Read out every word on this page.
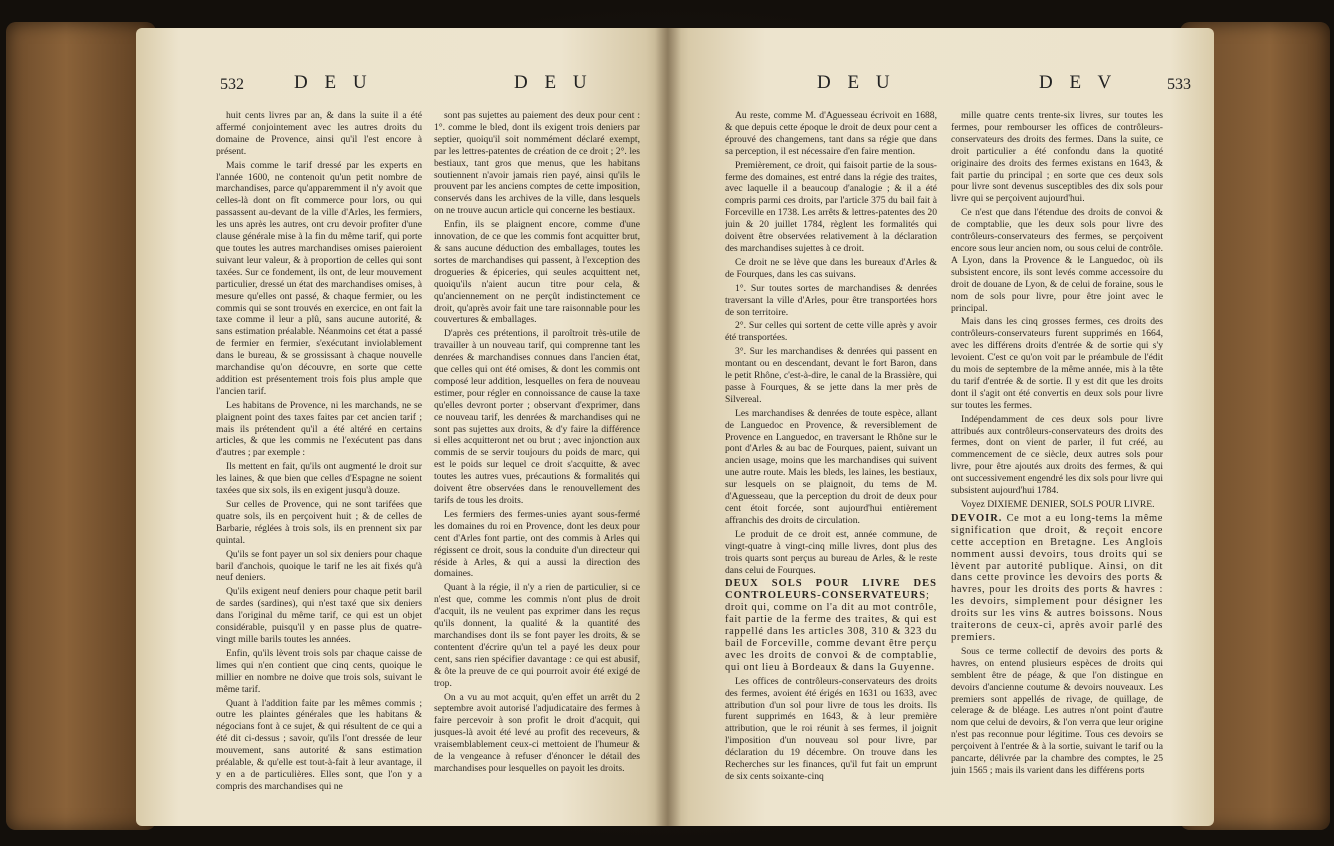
532	D E U	D E U

huit cents livres par an, & dans la suite il a été affermé conjointement avec les autres droits du domaine de Provence, ainsi qu'il l'est encore à présent.

Mais comme le tarif dressé par les experts en l'année 1600, ne contenoit qu'un petit nombre de marchandises, parce qu'apparemment il n'y avoit que celles-là dont on fît commerce pour lors, ou qui passassent au-devant de la ville d'Arles, les fermiers, les uns après les autres, ont cru devoir profiter d'une clause générale mise à la fin du même tarif, qui porte que toutes les autres marchandises omises paieroient suivant leur valeur, & à proportion de celles qui sont taxées. Sur ce fondement, ils ont, de leur mouvement particulier, dressé un état des marchandises omises, à mesure qu'elles ont passé, & chaque fermier, ou les commis qui se sont trouvés en exercice, en ont fait la taxe comme il leur a plû, sans aucune autorité, & sans estimation préalable. Néanmoins cet état a passé de fermier en fermier, s'exécutant inviolablement dans le bureau, & se grossissant à chaque nouvelle marchandise qu'on découvre, en sorte que cette addition est présentement trois fois plus ample que l'ancien tarif.

Les habitans de Provence, ni les marchands, ne se plaignent point des taxes faites par cet ancien tarif ; mais ils prétendent qu'il a été altéré en certains articles, & que les commis ne l'exécutent pas dans d'autres ; par exemple :

Ils mettent en fait, qu'ils ont augmenté le droit sur les laines, & que bien que celles d'Espagne ne soient taxées que six sols, ils en exigent jusqu'à douze.

Sur celles de Provence, qui ne sont tarifées que quatre sols, ils en perçoivent huit ; & de celles de Barbarie, réglées à trois sols, ils en prennent six par quintal.

Qu'ils se font payer un sol six deniers pour chaque baril d'anchois, quoique le tarif ne les ait fixés qu'à neuf deniers.

Qu'ils exigent neuf deniers pour chaque petit baril de sardes (sardines), qui n'est taxé que six deniers dans l'original du même tarif, ce qui est un objet considérable, puisqu'il y en passe plus de quatre-vingt mille barils toutes les années.

Enfin, qu'ils lèvent trois sols par chaque caisse de limes qui n'en contient que cinq cents, quoique le millier en nombre ne doive que trois sols, suivant le même tarif.

Quant à l'addition faite par les mêmes commis ; outre les plaintes générales que les habitans & négocians font à ce sujet, & qui résultent de ce qui a été dit ci-dessus ; savoir, qu'ils l'ont dressée de leur mouvement, sans autorité & sans estimation préalable, & qu'elle est tout-à-fait à leur avantage, il y en a de particulières. Elles sont, que l'on y a compris des marchandises qui ne

sont pas sujettes au paiement des deux pour cent : 1°. comme le bled, dont ils exigent trois deniers par septier, quoiqu'il soit nommément déclaré exempt, par les lettres-patentes de création de ce droit ; 2°. les bestiaux, tant gros que menus, que les habitans soutiennent n'avoir jamais rien payé, ainsi qu'ils le prouvent par les anciens comptes de cette imposition, conservés dans les archives de la ville, dans lesquels on ne trouve aucun article qui concerne les bestiaux.

Enfin, ils se plaignent encore, comme d'une innovation, de ce que les commis font acquitter brut, & sans aucune déduction des emballages, toutes les sortes de marchandises qui passent, à l'exception des drogueries & épiceries, qui seules acquittent net, quoiqu'ils n'aient aucun titre pour cela, & qu'anciennement on ne perçût indistinctement ce droit, qu'après avoir fait une tare raisonnable pour les couvertures & emballages.

D'après ces prétentions, il paroîtroit très-utile de travailler à un nouveau tarif, qui comprenne tant les denrées & marchandises connues dans l'ancien état, que celles qui ont été omises, & dont les commis ont composé leur addition, lesquelles on fera de nouveau estimer, pour régler en connoissance de cause la taxe qu'elles devront porter ; observant d'exprimer, dans ce nouveau tarif, les denrées & marchandises qui ne sont pas sujettes aux droits, & d'y faire la différence si elles acquitteront net ou brut ; avec injonction aux commis de se servir toujours du poids de marc, qui est le poids sur lequel ce droit s'acquitte, & avec toutes les autres vues, précautions & formalités qui doivent être observées dans le renouvellement des tarifs de tous les droits.

Les fermiers des fermes-unies ayant sous-fermé les domaines du roi en Provence, dont les deux pour cent d'Arles font partie, ont des commis à Arles qui régissent ce droit, sous la conduite d'un directeur qui réside à Arles, & qui a aussi la direction des domaines.

Quant à la régie, il n'y a rien de particulier, si ce n'est que, comme les commis n'ont plus de droit d'acquit, ils ne veulent pas exprimer dans les reçus qu'ils donnent, la qualité & la quantité des marchandises dont ils se font payer les droits, & se contentent d'écrire qu'un tel a payé les deux pour cent, sans rien spécifier davantage : ce qui est abusif, & ôte la preuve de ce qui pourroit avoir été exigé de trop.

On a vu au mot acquit, qu'en effet un arrêt du 2 septembre avoit autorisé l'adjudicataire des fermes à faire percevoir à son profit le droit d'acquit, qui jusques-là avoit été levé au profit des receveurs, & vraisemblablement ceux-ci mettoient de l'humeur & de la vengeance à refuser d'énoncer le détail des marchandises pour lesquelles on payoit les droits.

D E U	D E V	533

Au reste, comme M. d'Aguesseau écrivoit en 1688, & que depuis cette époque le droit de deux pour cent a éprouvé des changemens, tant dans sa régie que dans sa perception, il est nécessaire d'en faire mention.

Premièrement, ce droit, qui faisoit partie de la sous-ferme des domaines, est entré dans la régie des traites, avec laquelle il a beaucoup d'analogie ; & il a été compris parmi ces droits, par l'article 375 du bail fait à Forceville en 1738. Les arrêts & lettres-patentes des 20 juin & 20 juillet 1784, règlent les formalités qui doivent être observées relativement à la déclaration des marchandises sujettes à ce droit.

Ce droit ne se lève que dans les bureaux d'Arles & de Fourques, dans les cas suivans.

1°. Sur toutes sortes de marchandises & denrées traversant la ville d'Arles, pour être transportées hors de son territoire.

2°. Sur celles qui sortent de cette ville après y avoir été transportées.

3°. Sur les marchandises & denrées qui passent en montant ou en descendant, devant le fort Baron, dans le petit Rhône, c'est-à-dire, le canal de la Brassière, qui passe à Fourques, & se jette dans la mer près de Silvereal.

Les marchandises & denrées de toute espèce, allant de Languedoc en Provence, & reversiblement de Provence en Languedoc, en traversant le Rhône sur le pont d'Arles & au bac de Fourques, paient, suivant un ancien usage, moins que les marchandises qui suivent une autre route. Mais les bleds, les laines, les bestiaux, sur lesquels on se plaignoit, du tems de M. d'Aguesseau, que la perception du droit de deux pour cent étoit forcée, sont aujourd'hui entièrement affranchis des droits de circulation.

Le produit de ce droit est, année commune, de vingt-quatre à vingt-cinq mille livres, dont plus des trois quarts sont perçus au bureau de Arles, & le reste dans celui de Fourques.

DEUX SOLS POUR LIVRE DES CONTROLEURS-CONSERVATEURS; droit qui, comme on l'a dit au mot contrôle, fait partie de la ferme des traites, & qui est rappellé dans les articles 308, 310 & 323 du bail de Forceville, comme devant être perçu avec les droits de convoi & de comptablie, qui ont lieu à Bordeaux & dans la Guyenne.

Les offices de contrôleurs-conservateurs des droits des fermes, avoient été érigés en 1631 ou 1633, avec attribution d'un sol pour livre de tous les droits. Ils furent supprimés en 1643, & à leur première attribution, que le roi réunit à ses fermes, il joignit l'imposition d'un nouveau sol pour livre, par déclaration du 19 décembre. On trouve dans les Recherches sur les finances, qu'il fut fait un emprunt de six cents soixante-cinq

mille quatre cents trente-six livres, sur toutes les fermes, pour rembourser les offices de contrôleurs-conservateurs des droits des fermes. Dans la suite, ce droit particulier a été confondu dans la quotité originaire des droits des fermes existans en 1643, & fait partie du principal ; en sorte que ces deux sols pour livre sont devenus susceptibles des dix sols pour livre qui se perçoivent aujourd'hui.

Ce n'est que dans l'étendue des droits de convoi & de comptablie, que les deux sols pour livre des contrôleurs-conservateurs des fermes, se perçoivent encore sous leur ancien nom, ou sous celui de contrôle. A Lyon, dans la Provence & le Languedoc, où ils subsistent encore, ils sont levés comme accessoire du droit de douane de Lyon, & de celui de foraine, sous le nom de sols pour livre, pour être joint avec le principal.

Mais dans les cinq grosses fermes, ces droits des contrôleurs-conservateurs furent supprimés en 1664, avec les différens droits d'entrée & de sortie qui s'y levoient. C'est ce qu'on voit par le préambule de l'édit du mois de septembre de la même année, mis à la tête du tarif d'entrée & de sortie. Il y est dit que les droits dont il s'agit ont été convertis en deux sols pour livre sur toutes les fermes.

Indépendamment de ces deux sols pour livre attribués aux contrôleurs-conservateurs des droits des fermes, dont on vient de parler, il fut créé, au commencement de ce siècle, deux autres sols pour livre, pour être ajoutés aux droits des fermes, & qui ont successivement engendré les dix sols pour livre qui subsistent aujourd'hui 1784.

Voyez DIXIEME DENIER, SOLS POUR LIVRE.

DEVOIR. Ce mot a eu long-tems la même signification que droit, & reçoit encore cette acception en Bretagne. Les Anglois nomment aussi devoirs, tous droits qui se lèvent par autorité publique. Ainsi, on dit dans cette province les devoirs des ports & havres, pour les droits des ports & havres : les devoirs, simplement pour désigner les droits sur les vins & autres boissons. Nous traiterons de ceux-ci, après avoir parlé des premiers.

Sous ce terme collectif de devoirs des ports & havres, on entend plusieurs espèces de droits qui semblent être de péage, & que l'on distingue en devoirs d'ancienne coutume & devoirs nouveaux. Les premiers sont appellés de rivage, de quillage, de celerage & de bléage. Les autres n'ont point d'autre nom que celui de devoirs, & l'on verra que leur origine n'est pas reconnue pour légitime. Tous ces devoirs se perçoivent à l'entrée & à la sortie, suivant le tarif ou la pancarte, délivrée par la chambre des comptes, le 25 juin 1565 ; mais ils varient dans les différens ports
